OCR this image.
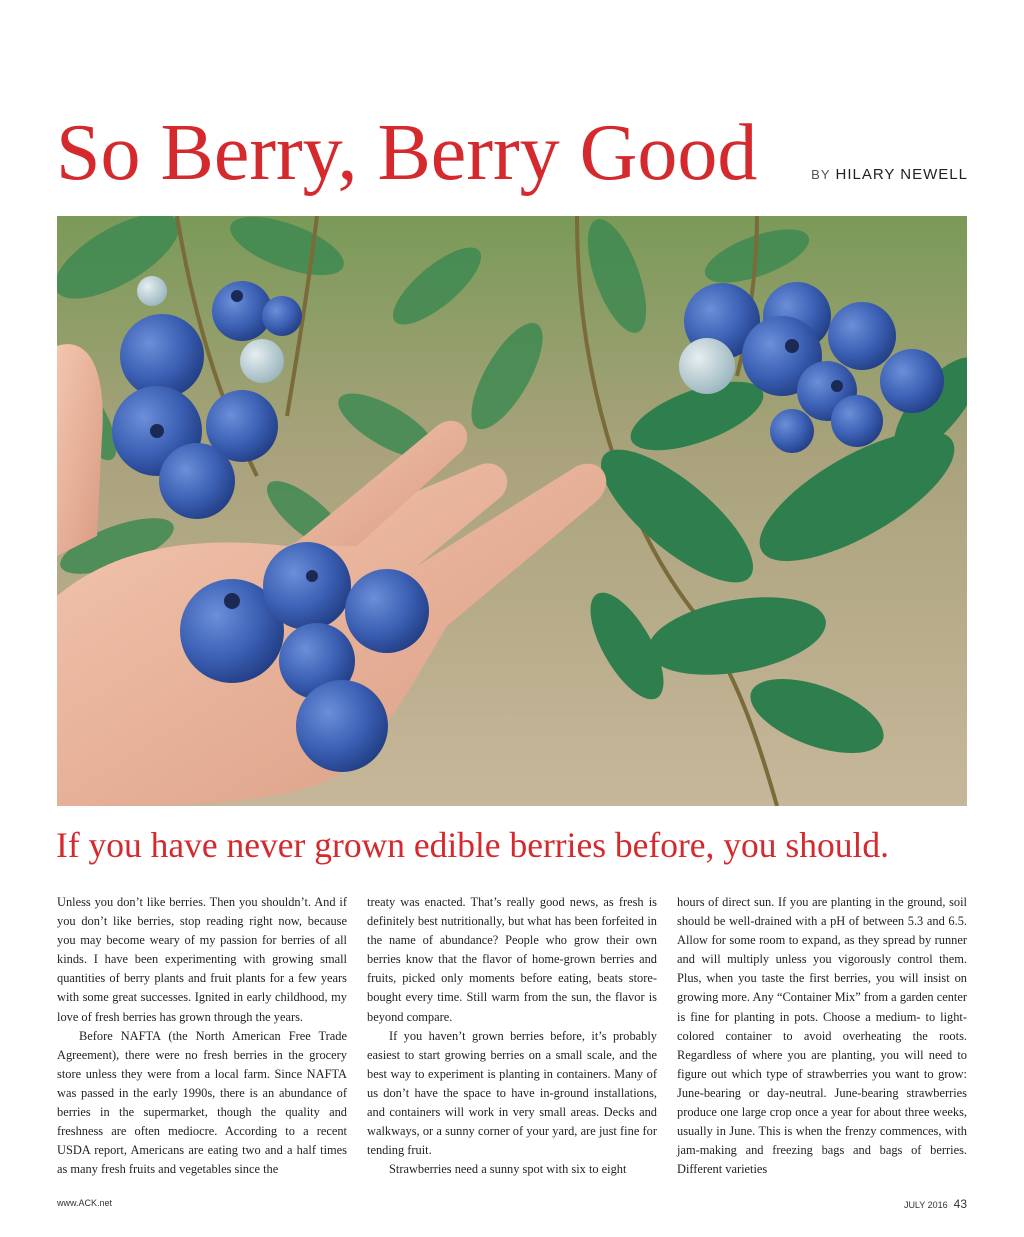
So Berry, Berry Good	BY HILARY NEWELL
If you have never grown edible berries before, you should.

Unless you don’t like berries. Then you shouldn’t. And if you don’t like berries, stop reading right now, because you may become weary of my passion for berries of all kinds. I have been experimenting with growing small quantities of berry plants and fruit plants for a few years with some great successes. Ignited in early childhood, my love of fresh berries has grown through the years.

Before NAFTA (the North American Free Trade Agreement), there were no fresh berries in the grocery store unless they were from a local farm. Since NAFTA was passed in the early 1990s, there is an abundance of berries in the supermarket, though the quality and freshness are often mediocre. According to a recent USDA report, Americans are eating two and a half times as many fresh fruits and vegetables since the

treaty was enacted. That’s really good news, as fresh is definitely best nutritionally, but what has been forfeited in the name of abundance? People who grow their own berries know that the flavor of home-grown berries and fruits, picked only moments before eating, beats store-bought every time. Still warm from the sun, the flavor is beyond compare.

If you haven’t grown berries before, it’s probably easiest to start growing berries on a small scale, and the best way to experiment is planting in containers. Many of us don’t have the space to have in-ground installations, and containers will work in very small areas. Decks and walkways, or a sunny corner of your yard, are just fine for tending fruit.

Strawberries need a sunny spot with six to eight

hours of direct sun. If you are planting in the ground, soil should be well-drained with a pH of between 5.3 and 6.5. Allow for some room to expand, as they spread by runner and will multiply unless you vigorously control them. Plus, when you taste the first berries, you will insist on growing more. Any “Container Mix” from a garden center is fine for planting in pots. Choose a medium- to light-colored container to avoid overheating the roots. Regardless of where you are planting, you will need to figure out which type of strawberries you want to grow: June-bearing or day-neutral. June-bearing strawberries produce one large crop once a year for about three weeks, usually in June. This is when the frenzy commences, with jam-making and freezing bags and bags of berries. Different varieties

www.ACK.net	JULY 2016 43
